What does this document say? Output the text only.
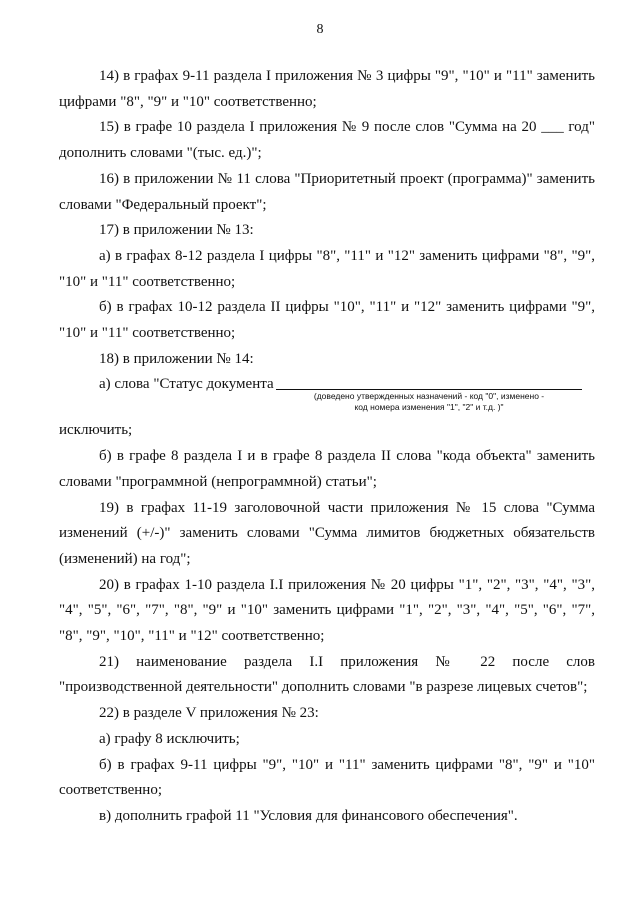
8

14) в графах 9-11 раздела I приложения № 3 цифры "9", "10" и "11" заменить цифрами "8", "9" и "10" соответственно;

15) в графе 10 раздела I приложения № 9 после слов "Сумма на 20 ___ год" дополнить словами "(тыс. ед.)";

16) в приложении № 11 слова "Приоритетный проект (программа)" заменить словами "Федеральный проект";

17) в приложении № 13:

а) в графах 8-12 раздела I цифры "8", "11" и "12" заменить цифрами "8", "9", "10" и "11" соответственно;

б) в графах 10-12 раздела II цифры "10", "11" и "12" заменить цифрами "9", "10" и "11" соответственно;

18) в приложении № 14:

а) слова "Статус документа
(доведено утвержденных назначений - код "0", изменено -
код номера изменения "1", "2" и т.д. )"

исключить;

б) в графе 8 раздела I и в графе 8 раздела II слова "кода объекта" заменить словами "программной (непрограммной) статьи";

19) в графах 11-19 заголовочной части приложения № 15 слова "Сумма изменений (+/-)" заменить словами "Сумма лимитов бюджетных обязательств (изменений) на год";

20) в графах 1-10 раздела I.I приложения № 20 цифры "1", "2", "3", "4", "3", "4", "5", "6", "7", "8", "9" и "10" заменить цифрами "1", "2", "3", "4", "5", "6", "7", "8", "9", "10", "11" и "12" соответственно;

21) наименование раздела I.I приложения № 22 после слов "производственной деятельности" дополнить словами "в разрезе лицевых счетов";

22) в разделе V приложения № 23:

а) графу 8 исключить;

б) в графах 9-11 цифры "9", "10" и "11" заменить цифрами "8", "9" и "10" соответственно;

в) дополнить графой 11 "Условия для финансового обеспечения".
